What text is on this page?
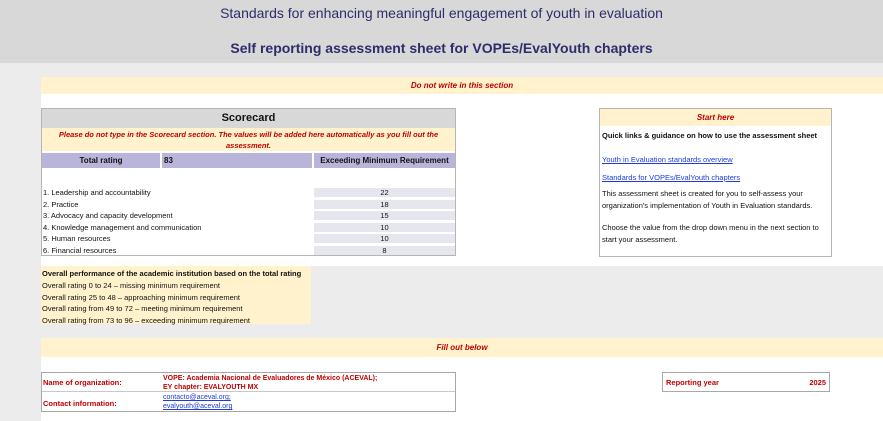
Standards for enhancing meaningful engagement of youth in evaluation
Self reporting assessment sheet for VOPEs/EvalYouth chapters
Do not write in this section
Scorecard
Please do not type in the Scorecard section. The values will be added here automatically as you fill out the assessment.
Total rating	83	Exceeding Minimum Requirement
1. Leadership and accountability	22
2. Practice	18
3. Advocacy and capacity development	15
4. Knowledge management and communication	10
5. Human resources	10
6. Financial resources	8
Overall performance of the academic institution based on the total rating
Overall rating 0 to 24 – missing minimum requirement
Overall rating 25 to 48 – approaching minimum requirement
Overall rating from 49 to 72 – meeting minimum requirement
Overall rating from 73 to 96 – exceeding minimum requirement
Start here
Quick links & guidance on how to use the assessment sheet
Youth in Evaluation standards overview
Standards for VOPEs/EvalYouth chapters
This assessment sheet is created for you to self-assess your organization's implementation of Youth in Evaluation standards.
Choose the value from the drop down menu in the next section to start your assessment.
Fill out below
Name of organization:	VOPE: Academia Nacional de Evaluadores de México (ACEVAL);
EY chapter: EVALYOUTH MX
Contact information:
contacto@aceval.org;
evalyouth@aceval.org
Reporting year	2025
